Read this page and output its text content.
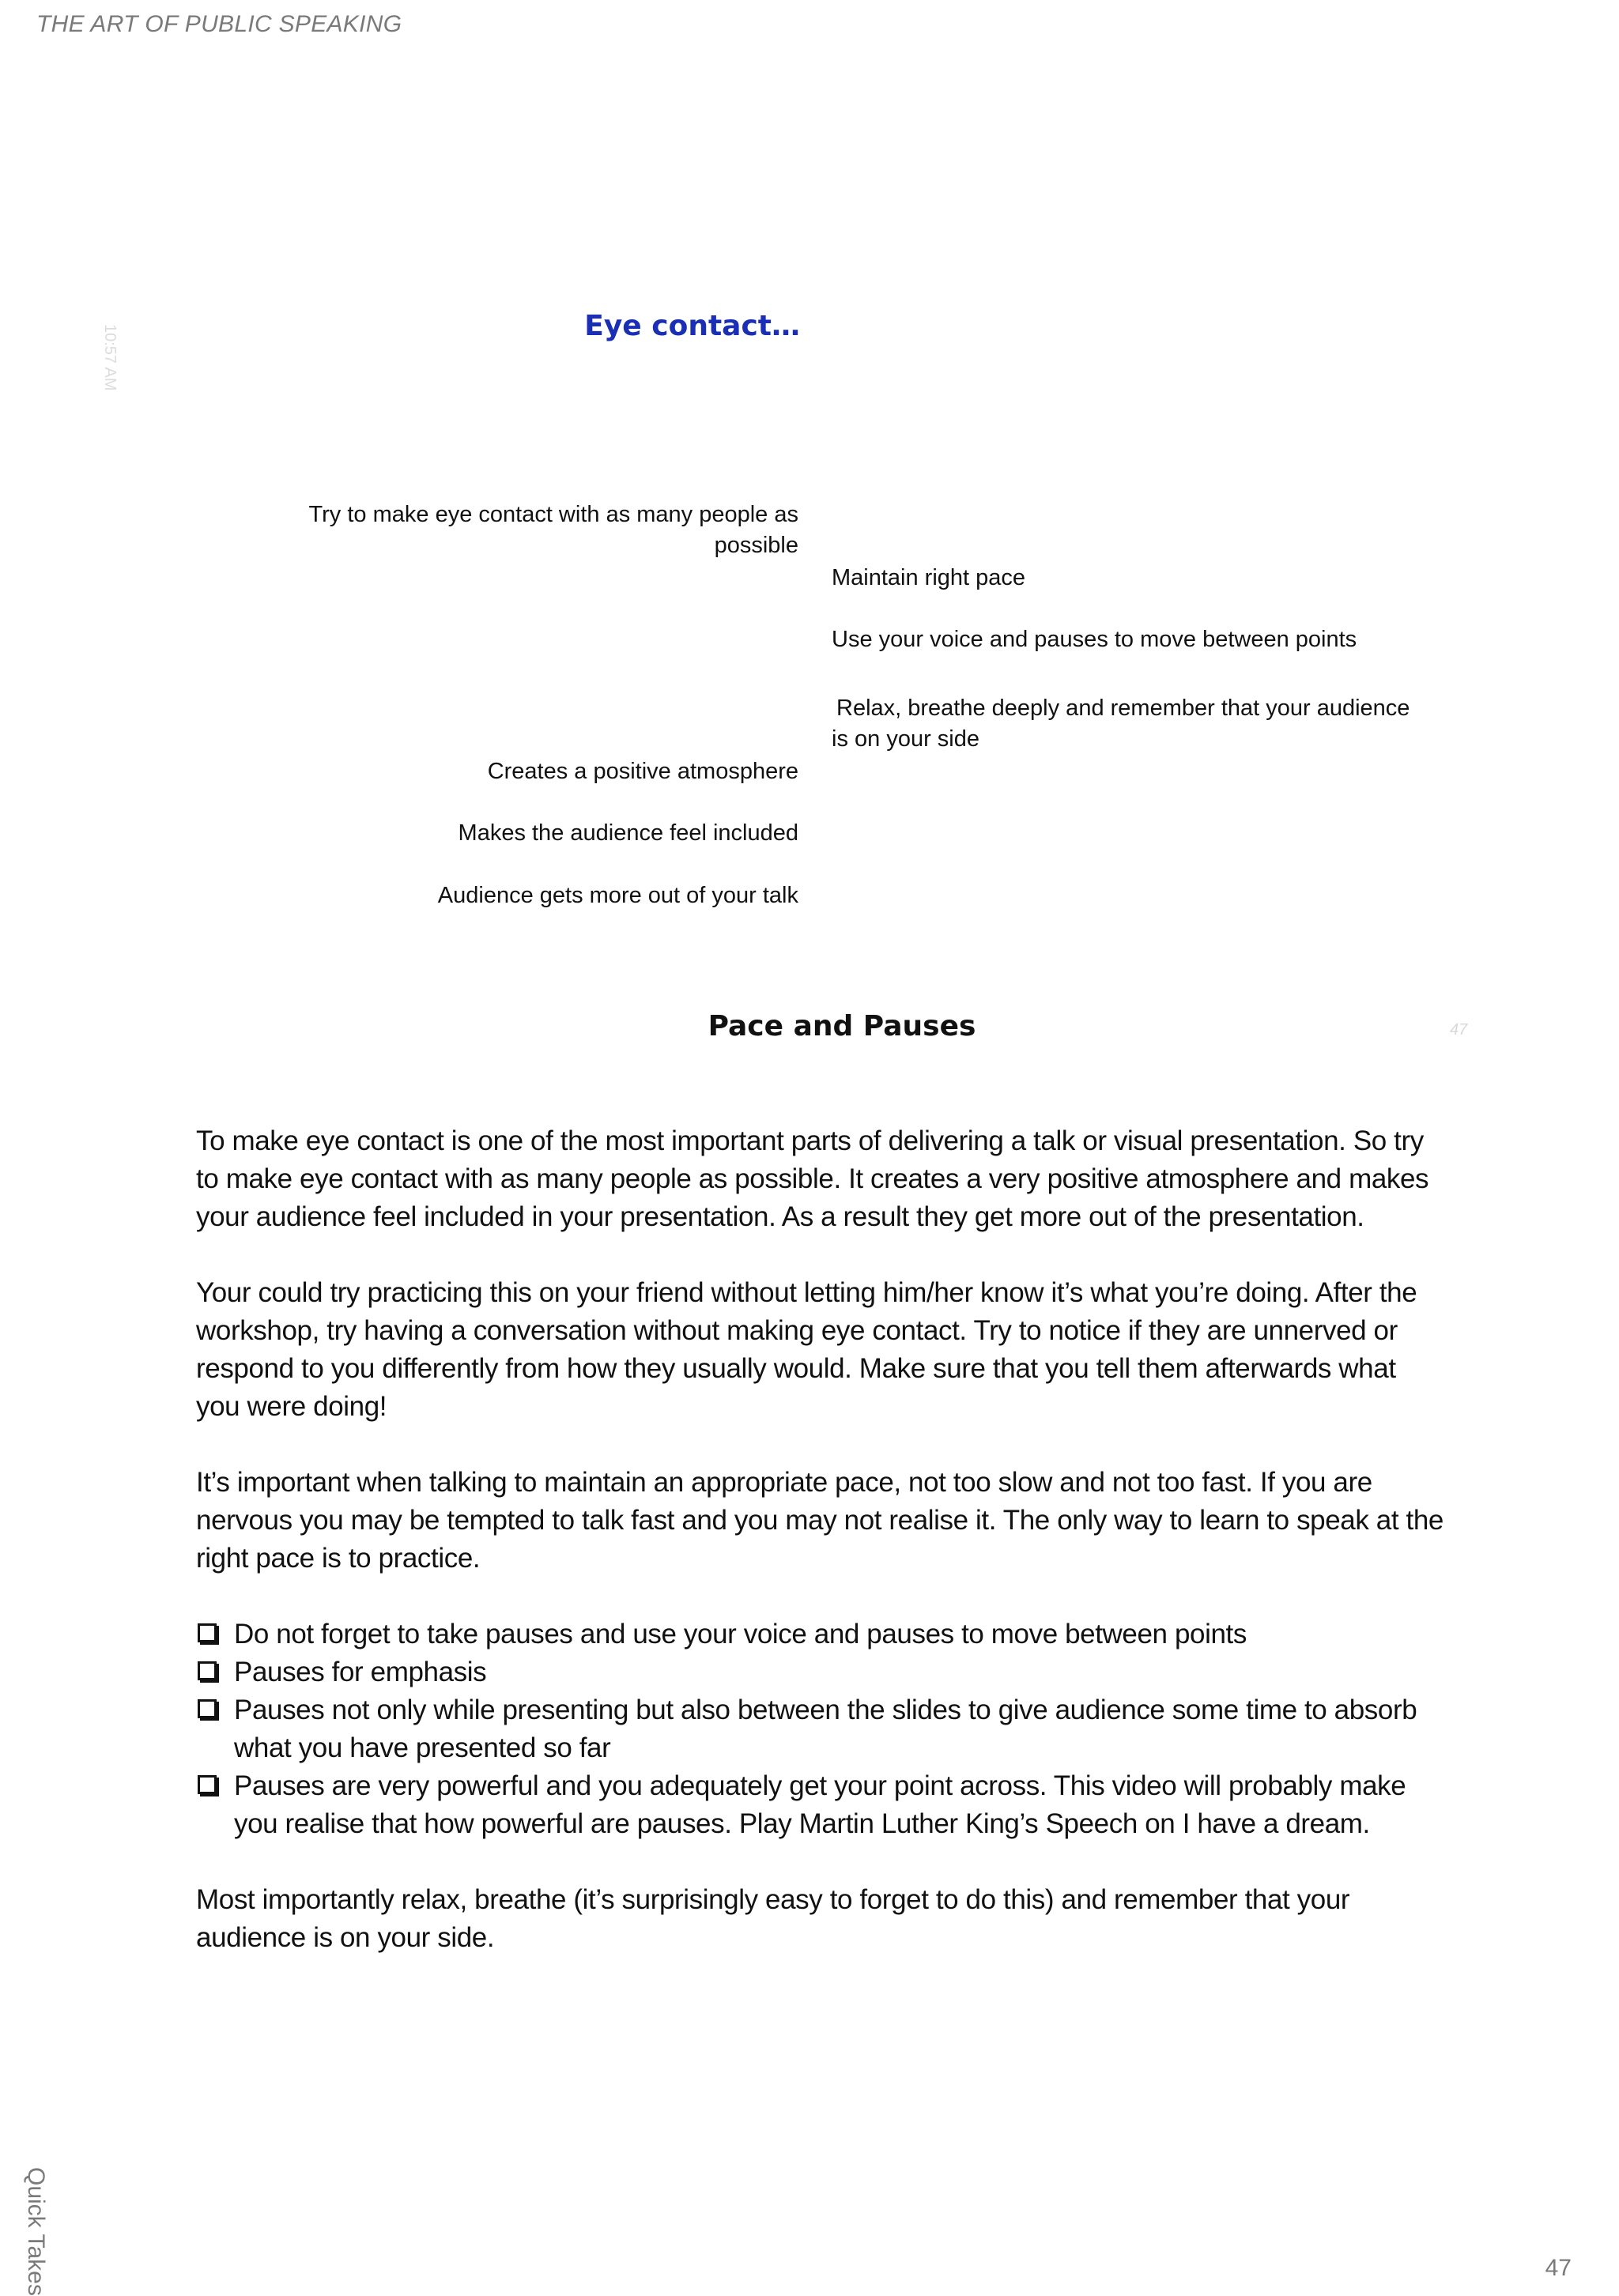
THE ART OF PUBLIC SPEAKING
10:57 AM
47
Eye contact…
Try to make eye contact with as many people as possible
Creates a positive atmosphere
Makes the audience feel included
Audience gets more out of your talk
Maintain right pace
Use your voice and pauses to move between points
Relax, breathe deeply and remember that your audience is on your side
Pace and Pauses

To make eye contact is one of the most important parts of delivering a talk or visual presentation. So try to make eye contact with as many people as possible. It creates a very positive atmosphere and makes your audience feel included in your presentation. As a result they get more out of the presentation.

Your could try practicing this on your friend without letting him/her know it’s what you’re doing. After the workshop, try having a conversation without making eye contact. Try to notice if they are unnerved or respond to you differently from how they usually would. Make sure that you tell them afterwards what you were doing!

It’s important when talking to maintain an appropriate pace, not too slow and not too fast. If you are nervous you may be tempted to talk fast and you may not realise it. The only way to learn to speak at the right pace is to practice.

Do not forget to take pauses and use your voice and pauses to move between points
Pauses for emphasis
Pauses not only while presenting but also between the slides to give audience some time to absorb what you have presented so far
Pauses are very powerful and you adequately get your point across. This video will probably make you realise that how powerful are pauses. Play Martin Luther King’s Speech on I have a dream.

Most importantly relax, breathe (it’s surprisingly easy to forget to do this) and remember that your audience is on your side.

Quick Takes	47
